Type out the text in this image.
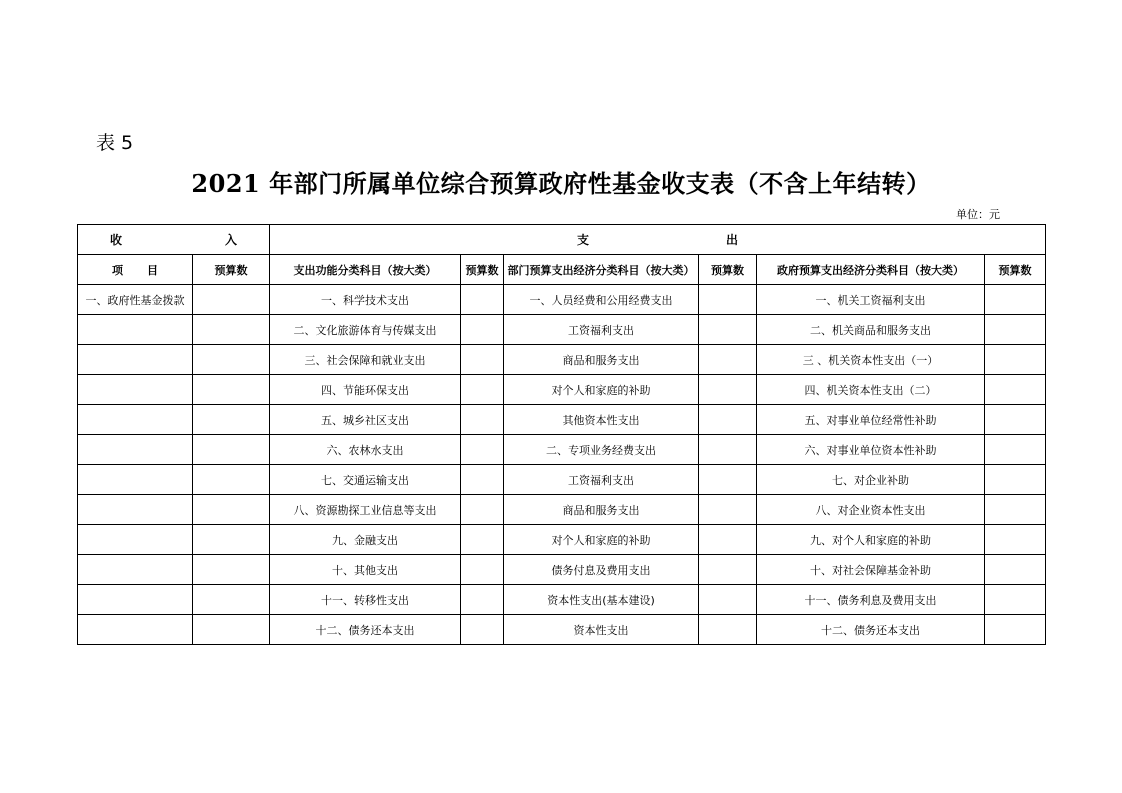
表 5
2021 年部门所属单位综合预算政府性基金收支表（不含上年结转）
单位：元
收 入		支 出					

项 目	预算数	支出功能分类科目（按大类）	预算数	部门预算支出经济分类科目（按大类）	预算数	政府预算支出经济分类科目（按大类）	预算数
一、政府性基金拨款		一、科学技术支出		一、人员经费和公用经费支出		一、机关工资福利支出	
		二、文化旅游体育与传媒支出		工资福利支出		二、机关商品和服务支出	
		三、社会保障和就业支出		商品和服务支出		三 、机关资本性支出（一）	
		四、节能环保支出		对个人和家庭的补助		四、机关资本性支出（二）	
		五、城乡社区支出		其他资本性支出		五、对事业单位经常性补助	
		六、农林水支出		二、专项业务经费支出		六、对事业单位资本性补助	
		七、交通运输支出		工资福利支出		七、对企业补助	
		八、资源勘探工业信息等支出		商品和服务支出		八、对企业资本性支出	
		九、金融支出		对个人和家庭的补助		九、对个人和家庭的补助	
		十、其他支出		债务付息及费用支出		十、对社会保障基金补助	
		十一、转移性支出		资本性支出(基本建设)		十一、债务利息及费用支出	
		十二、债务还本支出		资本性支出		十二、债务还本支出	
